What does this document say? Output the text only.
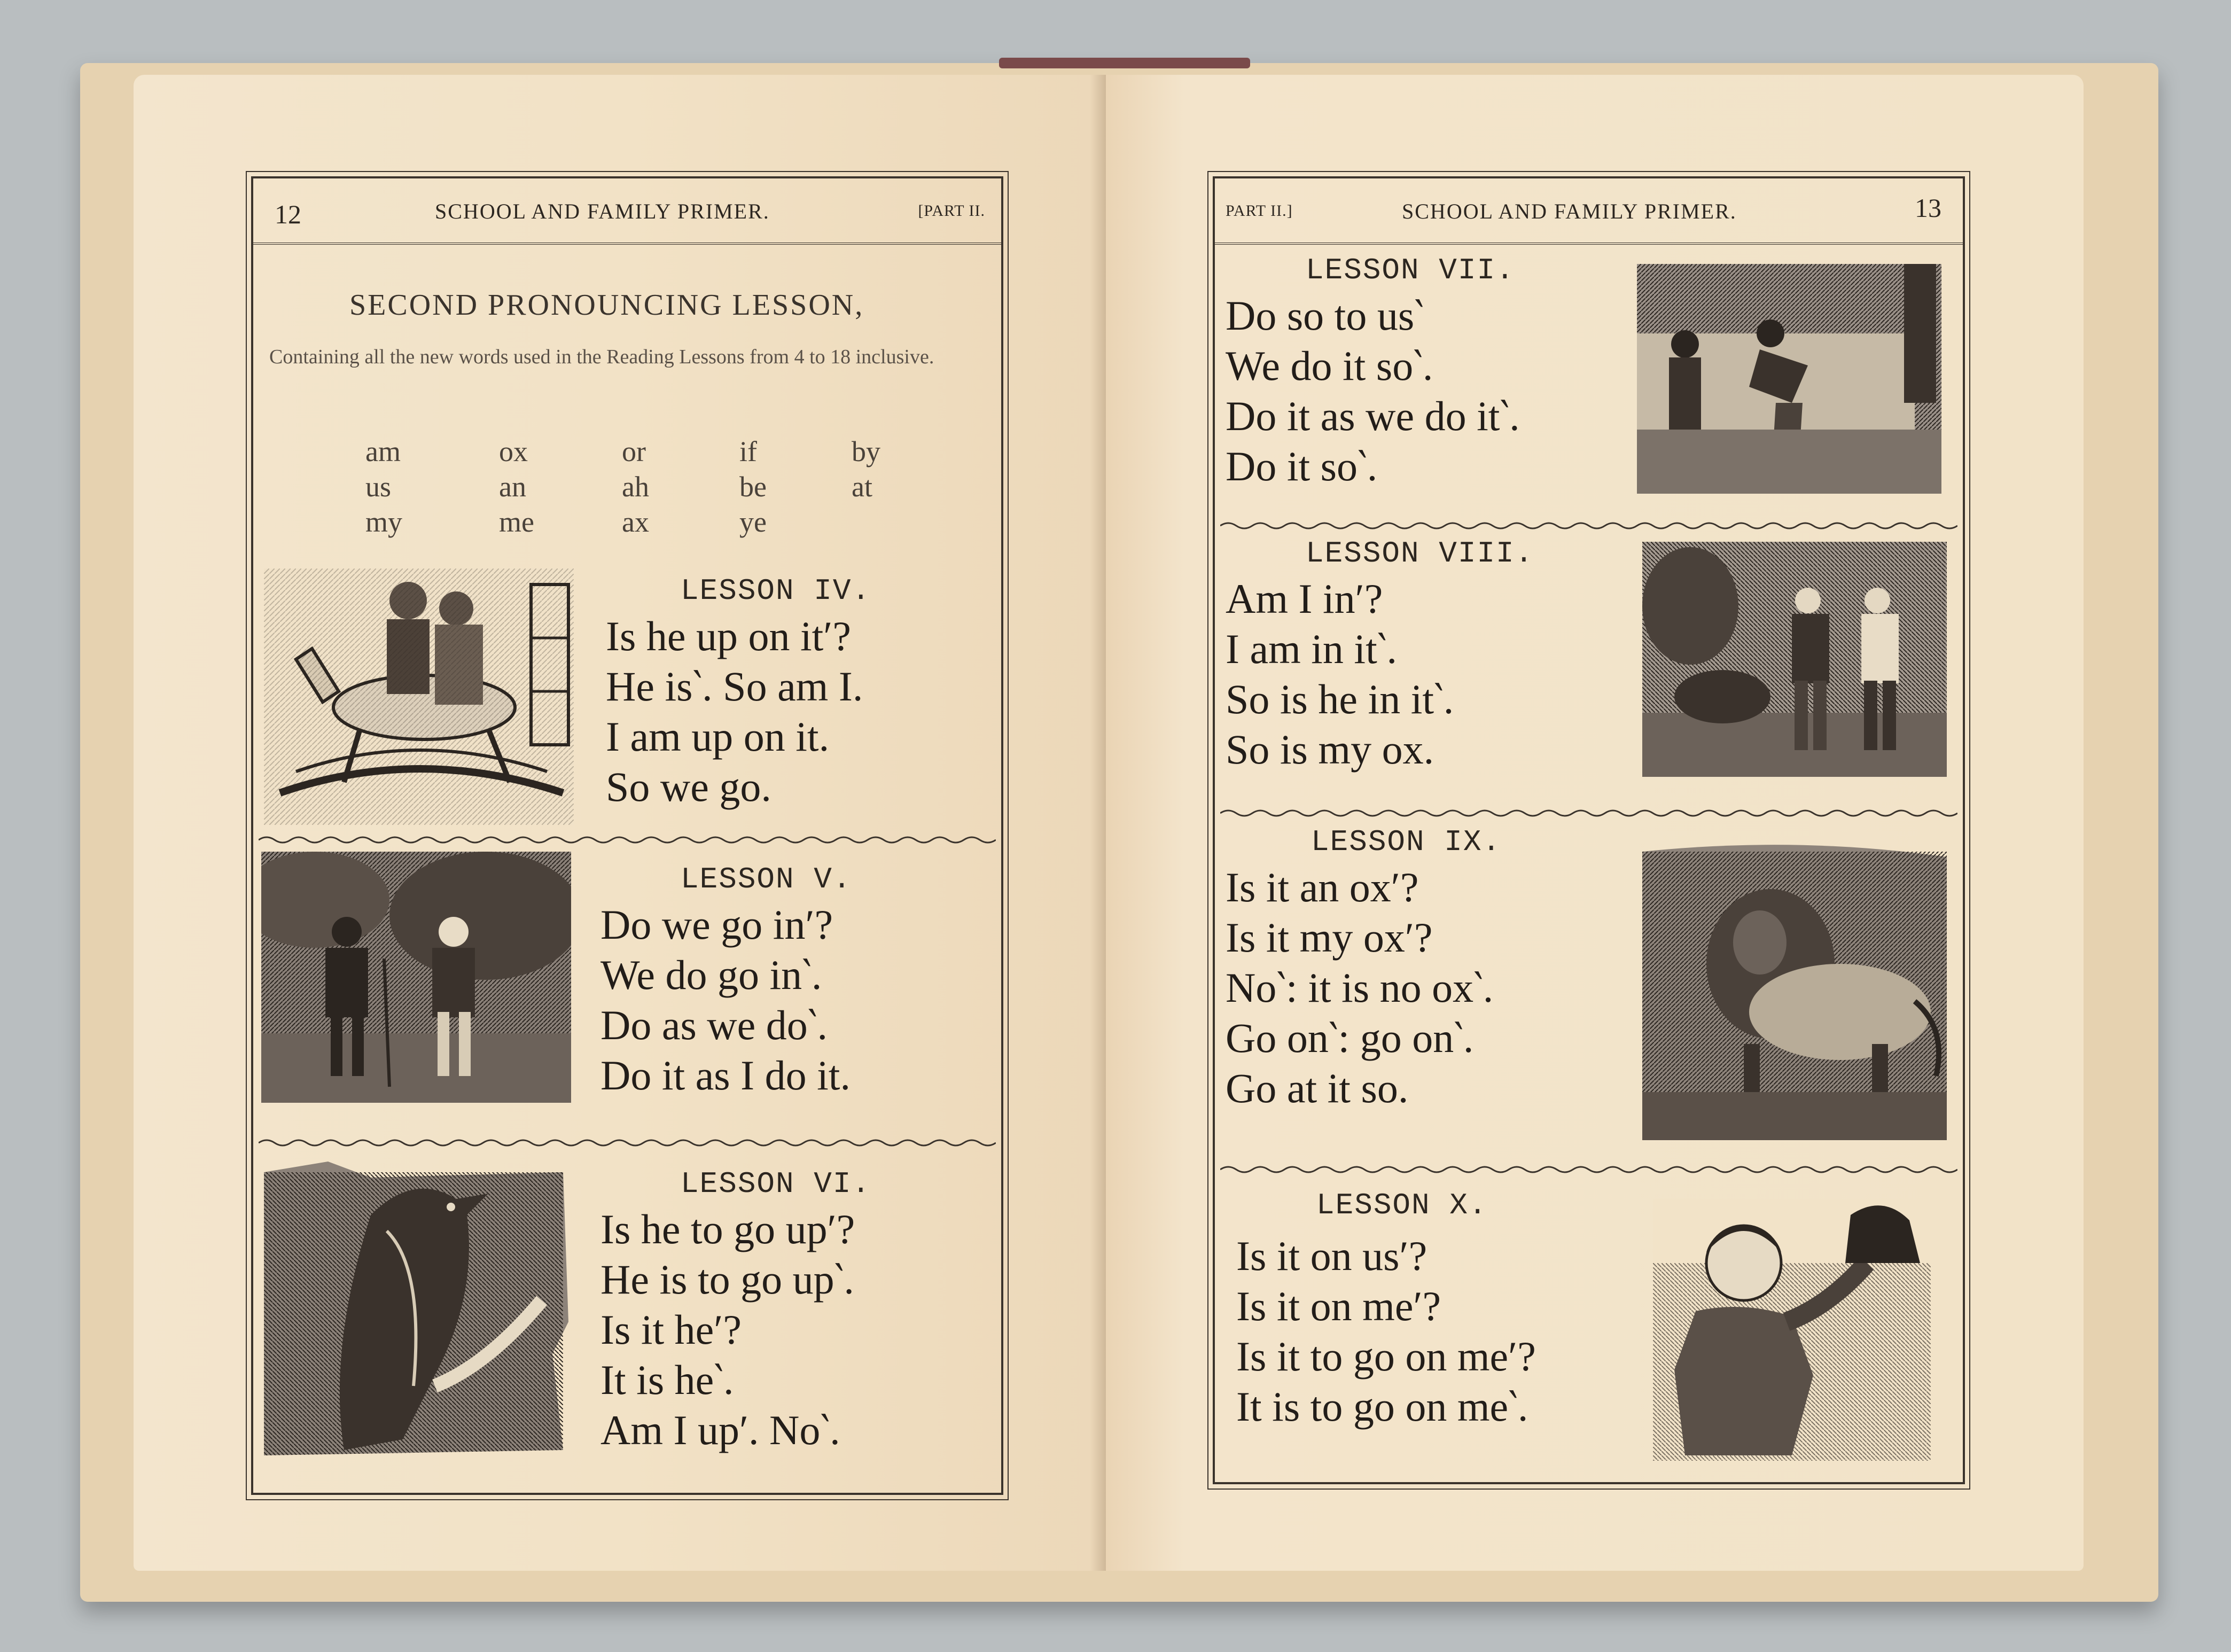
12	SCHOOL AND FAMILY PRIMER.	[PART II.
SECOND PRONOUNCING LESSON,
Containing all the new words used in the Reading Lessons from 4 to 18 inclusive.
am	ox	or	if	by
us	an	ah	be	at
my	me	ax	ye
LESSON IV.
Is he up on it′?
He is‵. So am I.
I am up on it.
So we go.
LESSON V.
Do we go in′?
We do go in‵.
Do as we do‵.
Do it as I do it.
LESSON VI.
Is he to go up′?
He is to go up‵.
Is it he′?
It is he‵.
Am I up′. No‵.
PART II.]	SCHOOL AND FAMILY PRIMER.	13
LESSON VII.
Do so to us‵
We do it so‵.
Do it as we do it‵.
Do it so‵.
LESSON VIII.
Am I in′?
I am in it‵.
So is he in it‵.
So is my ox.
LESSON IX.
Is it an ox′?
Is it my ox′?
No‵: it is no ox‵.
Go on‵: go on‵.
Go at it so.
LESSON X.
Is it on us′?
Is it on me′?
Is it to go on me′?
It is to go on me‵.
